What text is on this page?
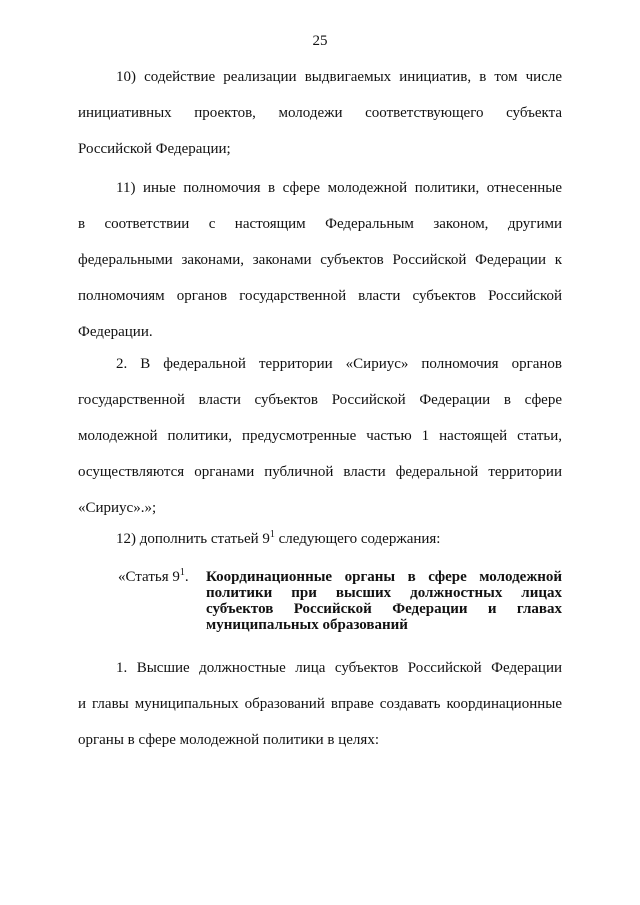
25
10) содействие реализации выдвигаемых инициатив, в том числе
инициативных проектов, молодежи соответствующего субъекта
Российской Федерации;
11) иные полномочия в сфере молодежной политики, отнесенные
в соответствии с настоящим Федеральным законом, другими
федеральными законами, законами субъектов Российской Федерации к
полномочиям органов государственной власти субъектов Российской
Федерации.
2. В федеральной территории «Сириус» полномочия органов
государственной власти субъектов Российской Федерации в сфере
молодежной политики, предусмотренные частью 1 настоящей статьи,
осуществляются органами публичной власти федеральной территории
«Сириус».»;
12) дополнить статьей $9^1$ следующего содержания:
«Статья $9^1$. Координационные органы в сфере молодежной
политики при высших должностных лицах
субъектов Российской Федерации и главах
муниципальных образований
1. Высшие должностные лица субъектов Российской Федерации
и главы муниципальных образований вправе создавать координационные
органы в сфере молодежной политики в целях:
